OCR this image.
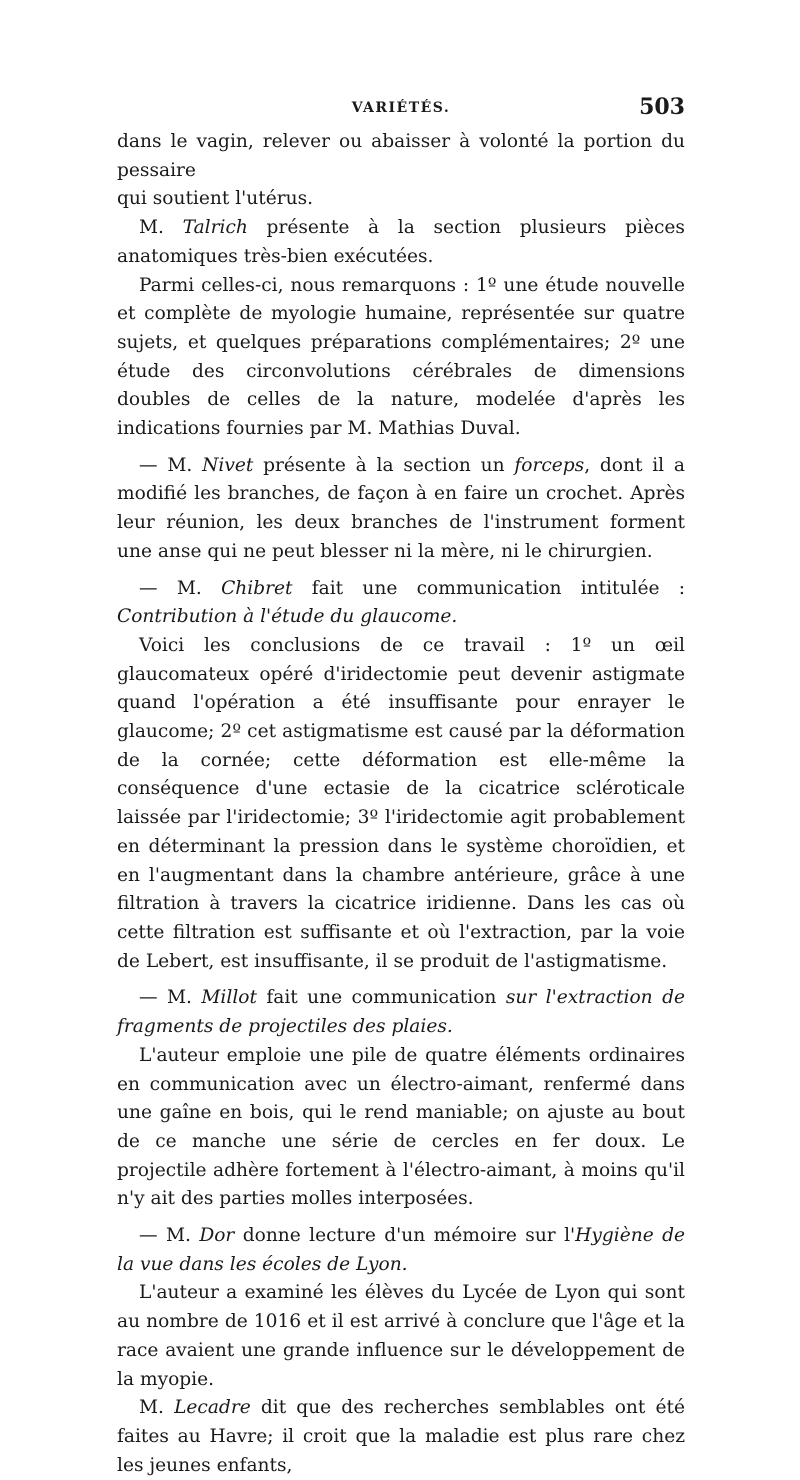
VARIÉTÉS.	503

dans le vagin, relever ou abaisser à volonté la portion du pessaire
qui soutient l'utérus.

M. Talrich présente à la section plusieurs pièces anatomiques très-bien exécutées.

Parmi celles-ci, nous remarquons : 1º une étude nouvelle et complète de myologie humaine, représentée sur quatre sujets, et quelques préparations complémentaires; 2º une étude des circonvolutions cérébrales de dimensions doubles de celles de la nature, modelée d'après les indications fournies par M. Mathias Duval.

— M. Nivet présente à la section un forceps, dont il a modifié les branches, de façon à en faire un crochet. Après leur réunion, les deux branches de l'instrument forment une anse qui ne peut blesser ni la mère, ni le chirurgien.

— M. Chibret fait une communication intitulée : Contribution à l'étude du glaucome.

Voici les conclusions de ce travail : 1º un œil glaucomateux opéré d'iridectomie peut devenir astigmate quand l'opération a été insuffisante pour enrayer le glaucome; 2º cet astigmatisme est causé par la déformation de la cornée; cette déformation est elle-même la conséquence d'une ectasie de la cicatrice scléroticale laissée par l'iridectomie; 3º l'iridectomie agit probablement en déterminant la pression dans le système choroïdien, et en l'augmentant dans la chambre antérieure, grâce à une filtration à travers la cicatrice iridienne. Dans les cas où cette filtration est suffisante et où l'extraction, par la voie de Lebert, est insuffisante, il se produit de l'astigmatisme.

— M. Millot fait une communication sur l'extraction de fragments de projectiles des plaies.

L'auteur emploie une pile de quatre éléments ordinaires en communication avec un électro-aimant, renfermé dans une gaîne en bois, qui le rend maniable; on ajuste au bout de ce manche une série de cercles en fer doux. Le projectile adhère fortement à l'électro-aimant, à moins qu'il n'y ait des parties molles interposées.

— M. Dor donne lecture d'un mémoire sur l'Hygiène de la vue dans les écoles de Lyon.

L'auteur a examiné les élèves du Lycée de Lyon qui sont au nombre de 1016 et il est arrivé à conclure que l'âge et la race avaient une grande influence sur le développement de la myopie.

M. Lecadre dit que des recherches semblables ont été faites au Havre; il croit que la maladie est plus rare chez les jeunes enfants,
